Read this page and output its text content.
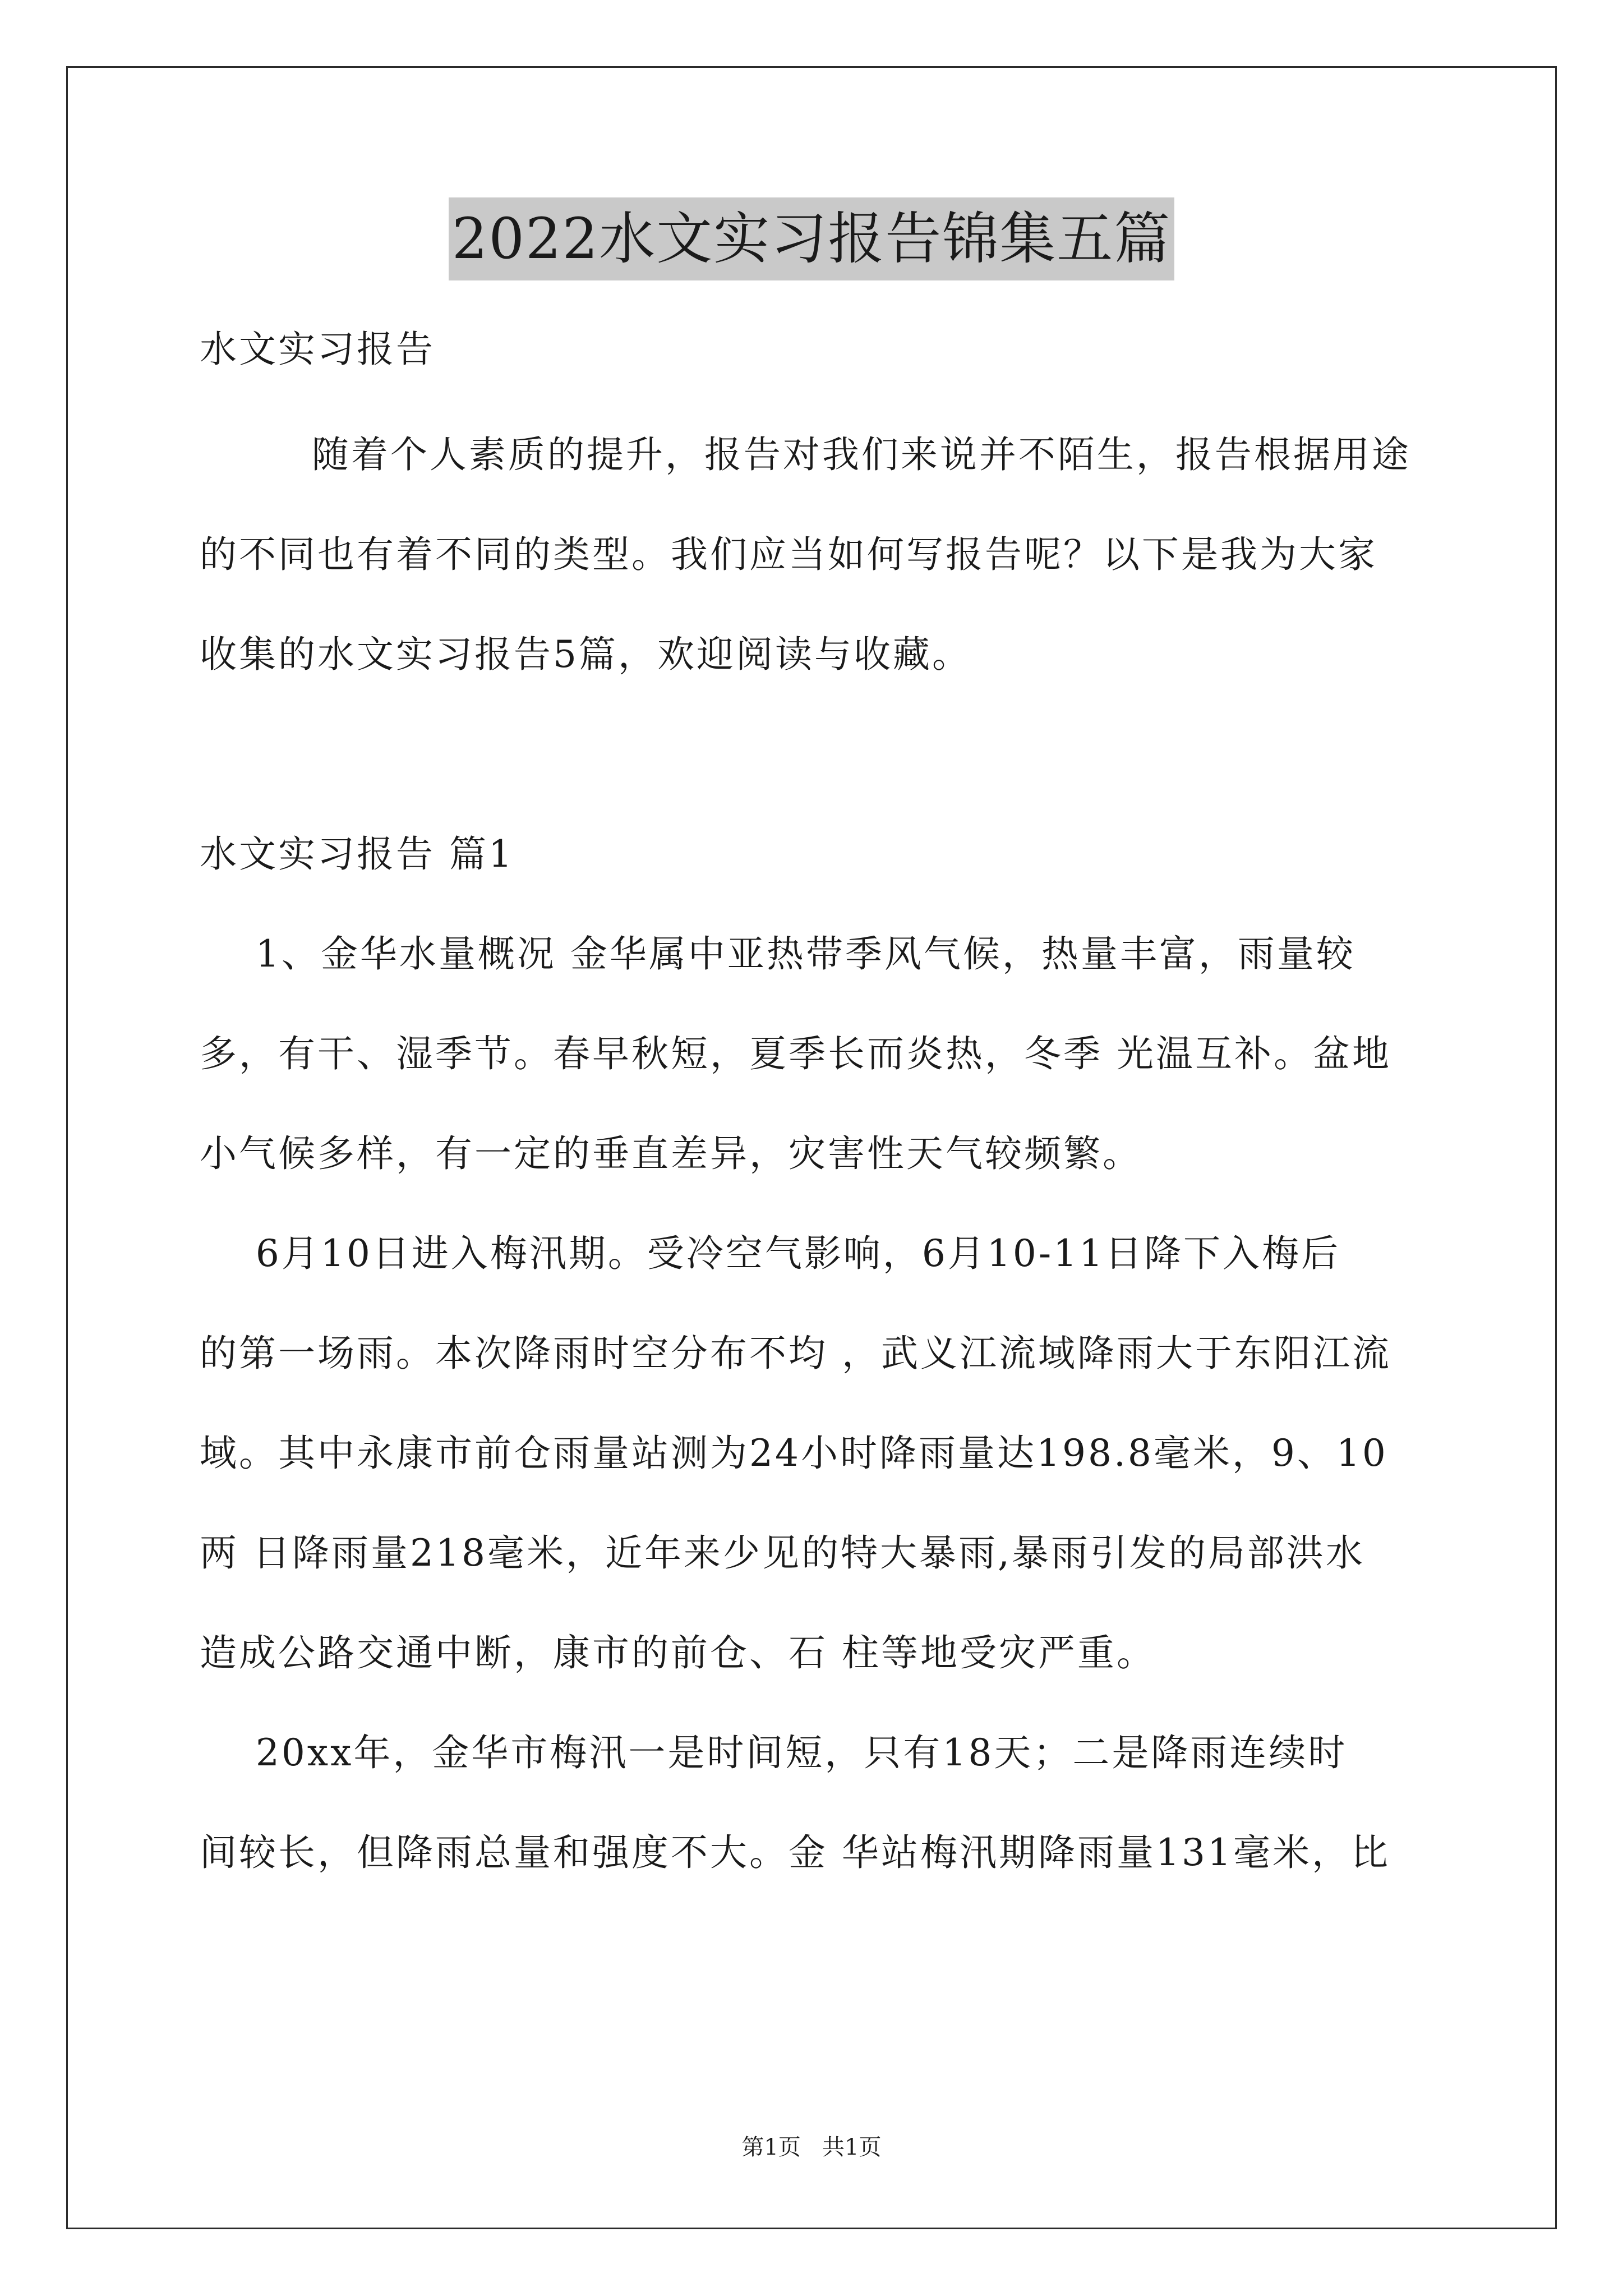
2022水文实习报告锦集五篇
水文实习报告
随着个人素质的提升，报告对我们来说并不陌生，报告根据用途
的不同也有着不同的类型。我们应当如何写报告呢？以下是我为大家
收集的水文实习报告5篇，欢迎阅读与收藏。
水文实习报告 篇1
1、金华水量概况 金华属中亚热带季风气候，热量丰富，雨量较
多，有干、湿季节。春早秋短，夏季长而炎热，冬季 光温互补。盆地
小气候多样，有一定的垂直差异，灾害性天气较频繁。
6月10日进入梅汛期。受冷空气影响，6月10-11日降下入梅后
的第一场雨。本次降雨时空分布不均 ，武义江流域降雨大于东阳江流
域。其中永康市前仓雨量站测为24小时降雨量达198.8毫米，9、10
两 日降雨量218毫米，近年来少见的特大暴雨,暴雨引发的局部洪水
造成公路交通中断，康市的前仓、石 柱等地受灾严重。
20xx年，金华市梅汛一是时间短，只有18天；二是降雨连续时
间较长，但降雨总量和强度不大。金 华站梅汛期降雨量131毫米，比
第1页   共1页
